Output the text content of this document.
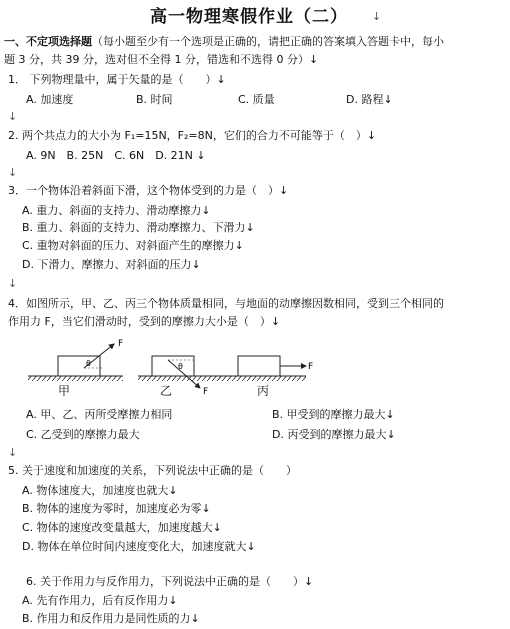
高一物理寒假作业（二） ↓
一、不定项选择题（每小题至少有一个选项是正确的，请把正确的答案填入答题卡中，每小
题 3 分，共 39 分，选对但不全得 1 分，错选和不选得 0 分）↓
1． 下列物理量中，属于矢量的是（　　）↓
A. 加速度	B. 时间	C. 质量	D. 路程↓
↓
2. 两个共点力的大小为 F₁=15N，F₂=8N，它们的合力不可能等于（　）↓
A. 9N　B. 25N　C. 6N　D. 21N ↓
↓
3．一个物体沿着斜面下滑，这个物体受到的力是（　）↓
A. 重力、斜面的支持力、滑动摩擦力↓
B. 重力、斜面的支持力、滑动摩擦力、下滑力↓
C. 重物对斜面的压力、对斜面产生的摩擦力↓
D. 下滑力、摩擦力、对斜面的压力↓
↓
4．如图所示，甲、乙、丙三个物体质量相同，与地面的动摩擦因数相同，受到三个相同的
作用力 F，当它们滑动时，受到的摩擦力大小是（　）↓
F
θ
F
θ	F
甲	乙	丙
A. 甲、乙、丙所受摩擦力相同	B. 甲受到的摩擦力最大↓
C. 乙受到的摩擦力最大	D. 丙受到的摩擦力最大↓
↓
5. 关于速度和加速度的关系，下列说法中正确的是（　　）
A. 物体速度大，加速度也就大↓
B. 物体的速度为零时，加速度必为零↓
C. 物体的速度改变量越大，加速度越大↓
D. 物体在单位时间内速度变化大，加速度就大↓
6. 关于作用力与反作用力，下列说法中正确的是（　　）↓
A. 先有作用力，后有反作用力↓
B. 作用力和反作用力是同性质的力↓
